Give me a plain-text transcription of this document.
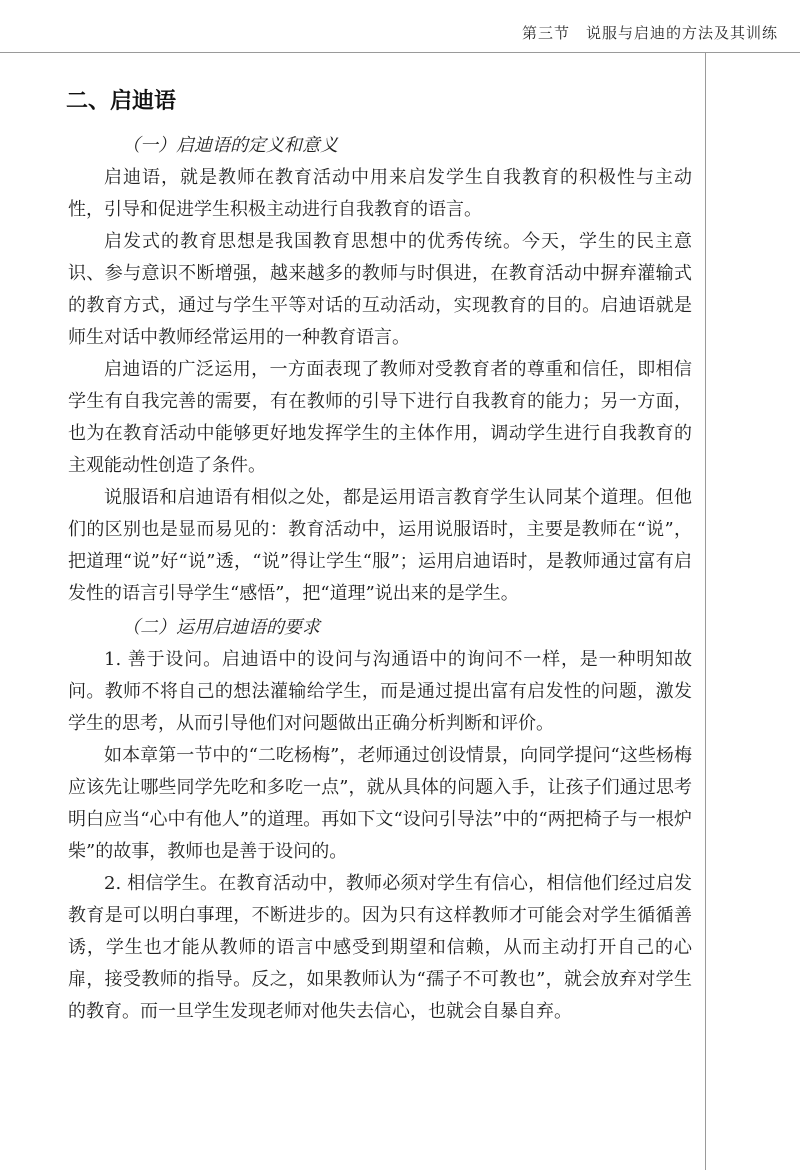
第三节 说服与启迪的方法及其训练
二、启迪语
（一）启迪语的定义和意义

启迪语，就是教师在教育活动中用来启发学生自我教育的积极性与主动性，引导和促进学生积极主动进行自我教育的语言。

启发式的教育思想是我国教育思想中的优秀传统。今天，学生的民主意识、参与意识不断增强，越来越多的教师与时俱进，在教育活动中摒弃灌输式的教育方式，通过与学生平等对话的互动活动，实现教育的目的。启迪语就是师生对话中教师经常运用的一种教育语言。

启迪语的广泛运用，一方面表现了教师对受教育者的尊重和信任，即相信学生有自我完善的需要，有在教师的引导下进行自我教育的能力；另一方面，也为在教育活动中能够更好地发挥学生的主体作用，调动学生进行自我教育的主观能动性创造了条件。

说服语和启迪语有相似之处，都是运用语言教育学生认同某个道理。但他们的区别也是显而易见的：教育活动中，运用说服语时，主要是教师在“说”，把道理“说”好“说”透，“说”得让学生“服”；运用启迪语时，是教师通过富有启发性的语言引导学生“感悟”，把“道理”说出来的是学生。

（二）运用启迪语的要求

1. 善于设问。启迪语中的设问与沟通语中的询问不一样，是一种明知故问。教师不将自己的想法灌输给学生，而是通过提出富有启发性的问题，激发学生的思考，从而引导他们对问题做出正确分析判断和评价。

如本章第一节中的“二吃杨梅”，老师通过创设情景，向同学提问“这些杨梅应该先让哪些同学先吃和多吃一点”，就从具体的问题入手，让孩子们通过思考明白应当“心中有他人”的道理。再如下文“设问引导法”中的“两把椅子与一根炉柴”的故事，教师也是善于设问的。

2. 相信学生。在教育活动中，教师必须对学生有信心，相信他们经过启发教育是可以明白事理，不断进步的。因为只有这样教师才可能会对学生循循善诱，学生也才能从教师的语言中感受到期望和信赖，从而主动打开自己的心扉，接受教师的指导。反之，如果教师认为“孺子不可教也”，就会放弃对学生的教育。而一旦学生发现老师对他失去信心，也就会自暴自弃。
